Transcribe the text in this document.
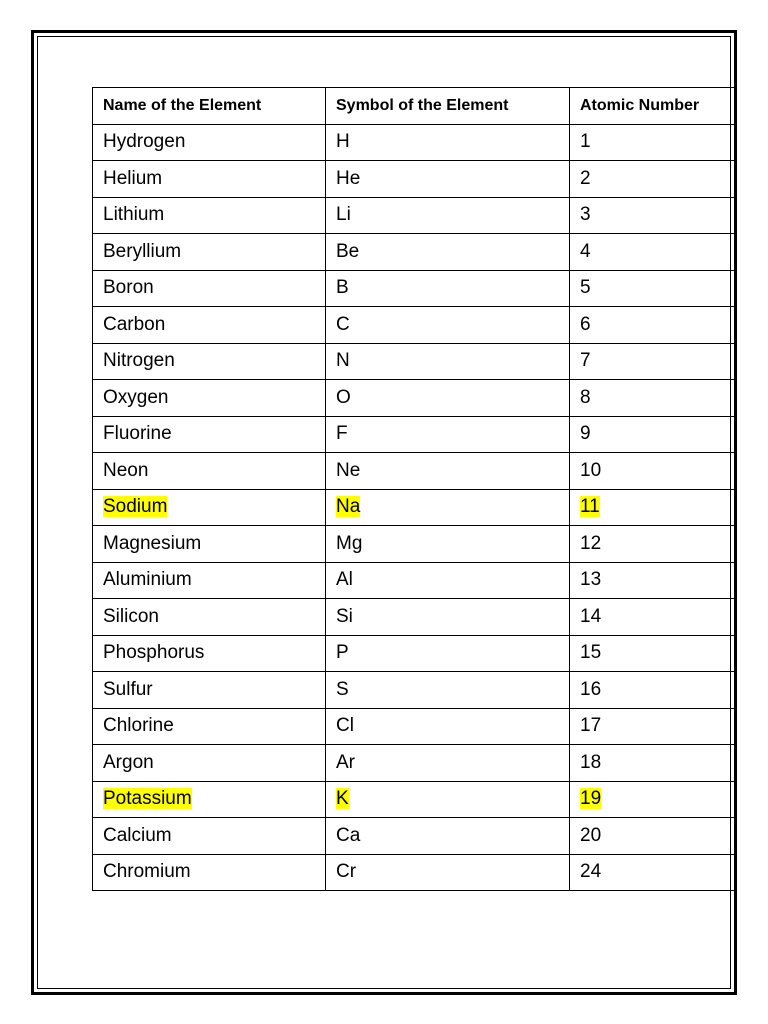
Name of the Element	Symbol of the Element	Atomic Number
Hydrogen	H	1
Helium	He	2
Lithium	Li	3
Beryllium	Be	4
Boron	B	5
Carbon	C	6
Nitrogen	N	7
Oxygen	O	8
Fluorine	F	9
Neon	Ne	10
Sodium	Na	11
Magnesium	Mg	12
Aluminium	Al	13
Silicon	Si	14
Phosphorus	P	15
Sulfur	S	16
Chlorine	Cl	17
Argon	Ar	18
Potassium	K	19
Calcium	Ca	20
Chromium	Cr	24
